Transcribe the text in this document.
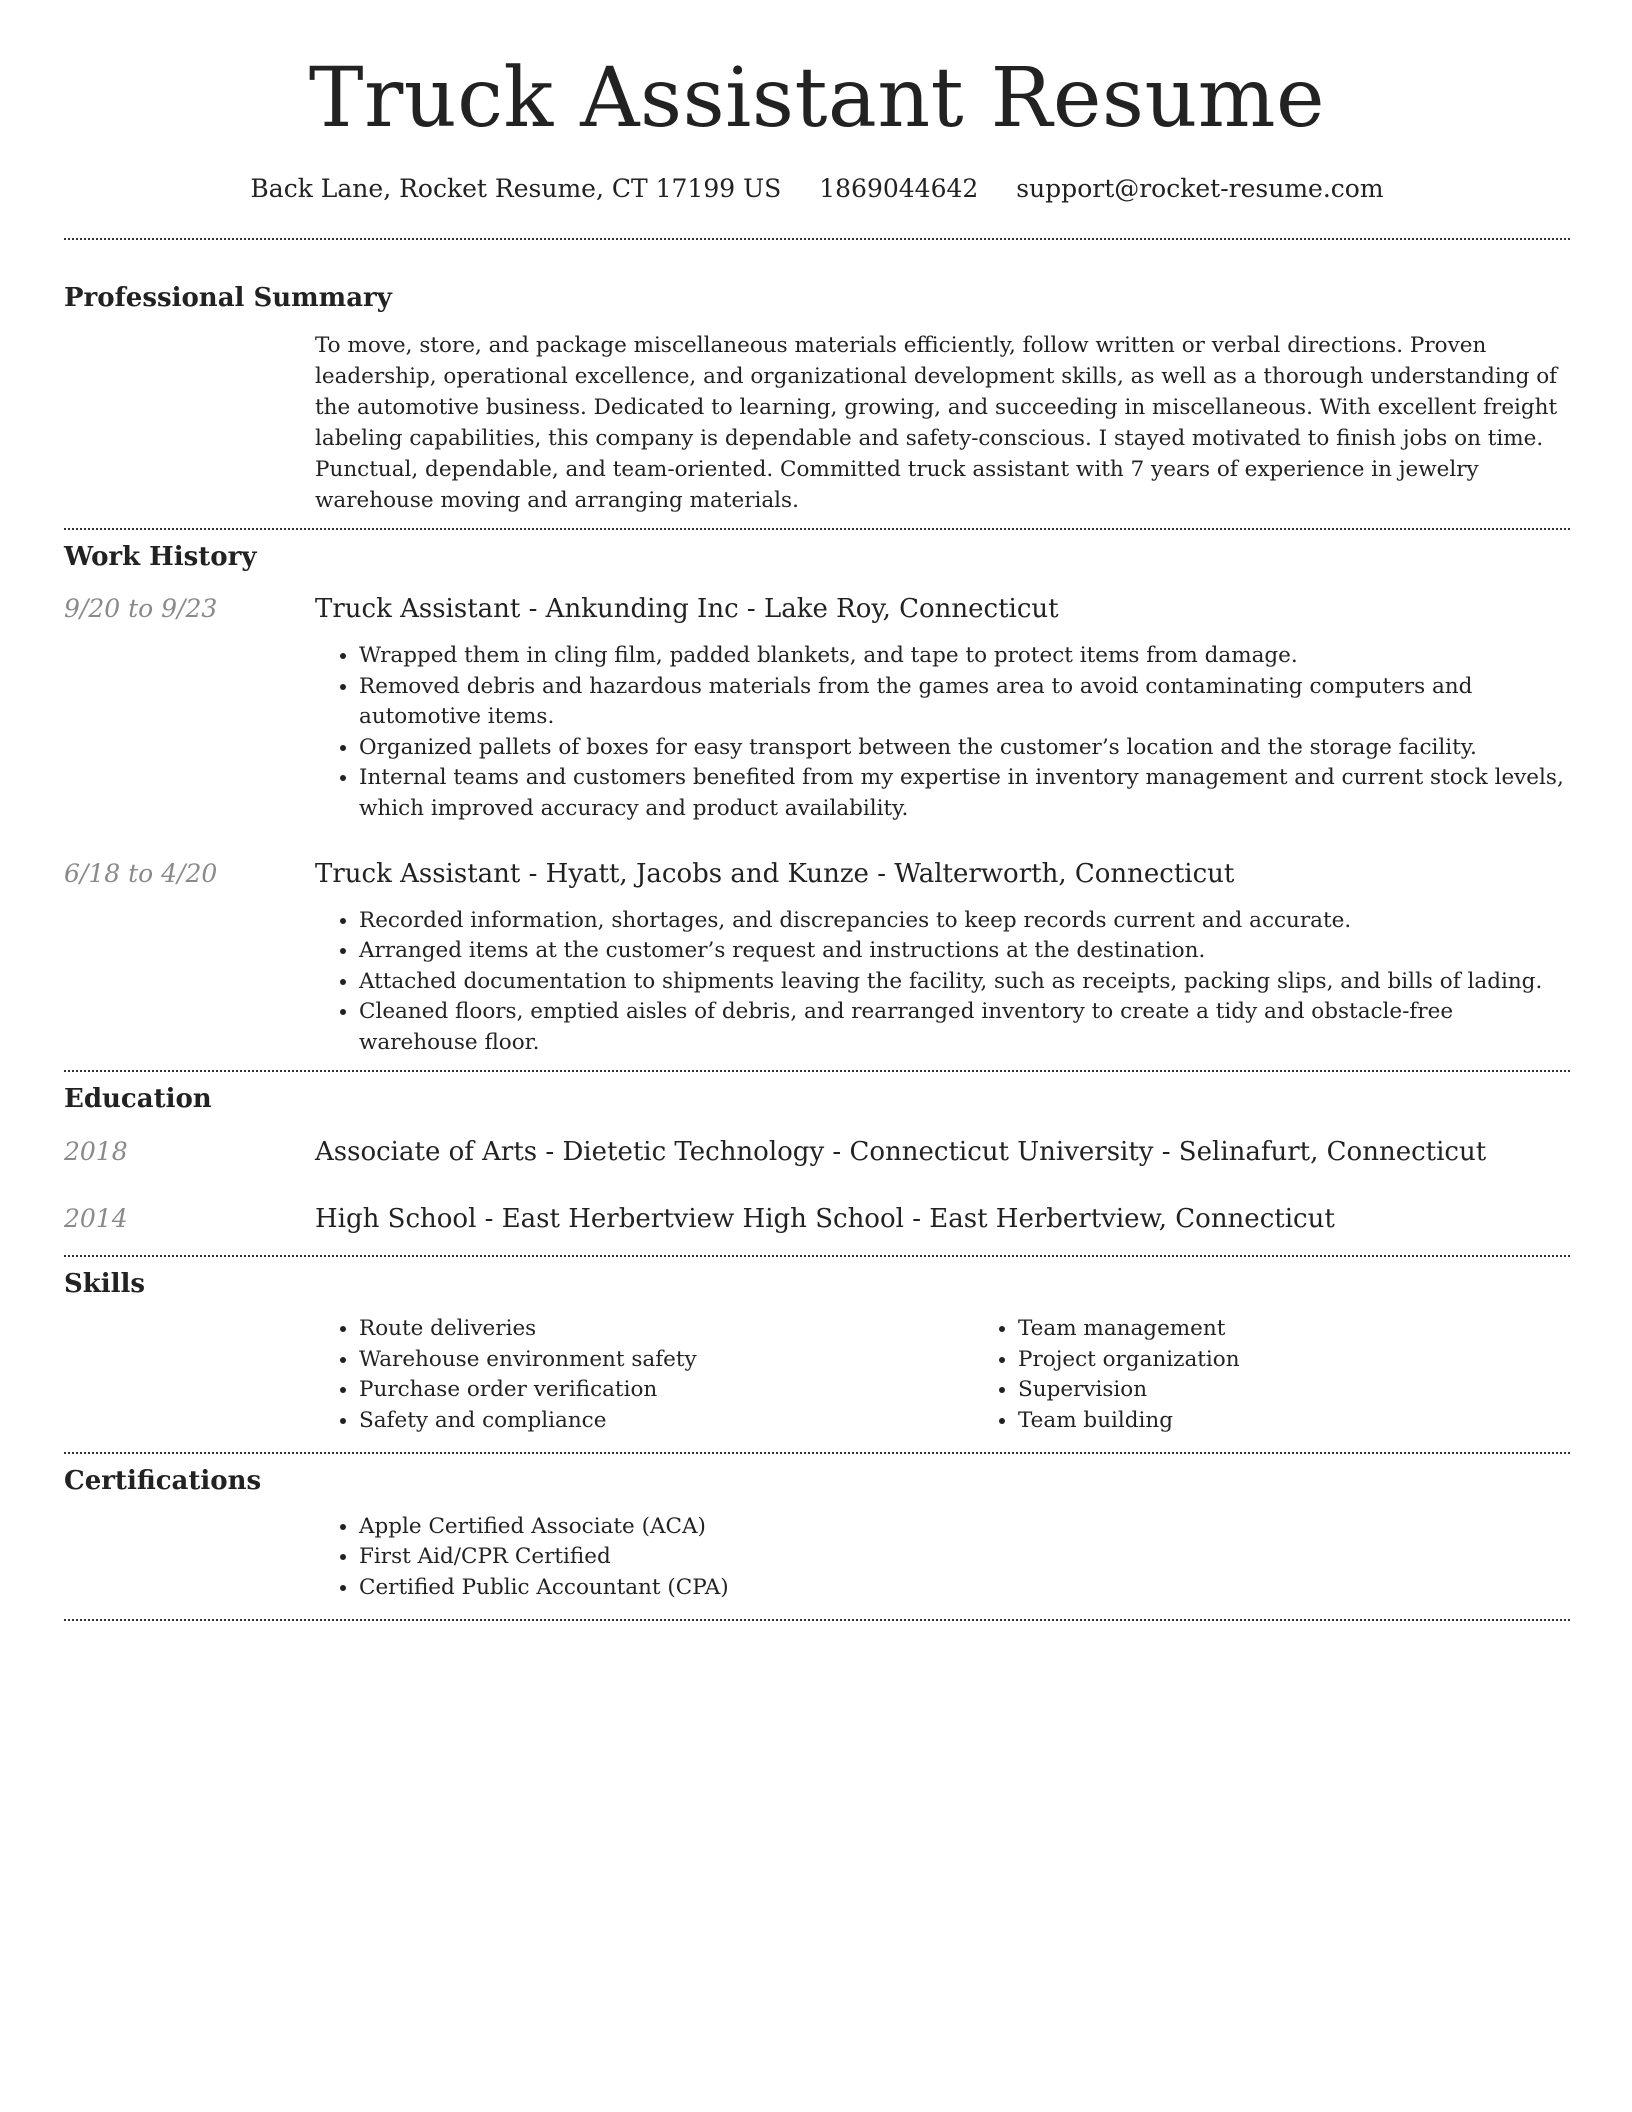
Truck Assistant Resume
Back Lane, Rocket Resume, CT 17199 US 1869044642 support@rocket-resume.com
Professional Summary

To move, store, and package miscellaneous materials efficiently, follow written or verbal directions. Proven leadership, operational excellence, and organizational development skills, as well as a thorough understanding of the automotive business. Dedicated to learning, growing, and succeeding in miscellaneous. With excellent freight labeling capabilities, this company is dependable and safety-conscious. I stayed motivated to finish jobs on time. Punctual, dependable, and team-oriented. Committed truck assistant with 7 years of experience in jewelry warehouse moving and arranging materials.

Work History
9/20 to 9/23	Truck Assistant - Ankunding Inc - Lake Roy, Connecticut

• Wrapped them in cling film, padded blankets, and tape to protect items from damage.
• Removed debris and hazardous materials from the games area to avoid contaminating computers and automotive items.
• Organized pallets of boxes for easy transport between the customer’s location and the storage facility.
• Internal teams and customers benefited from my expertise in inventory management and current stock levels, which improved accuracy and product availability.
6/18 to 4/20	Truck Assistant - Hyatt, Jacobs and Kunze - Walterworth, Connecticut

• Recorded information, shortages, and discrepancies to keep records current and accurate.
• Arranged items at the customer’s request and instructions at the destination.
• Attached documentation to shipments leaving the facility, such as receipts, packing slips, and bills of lading.
• Cleaned floors, emptied aisles of debris, and rearranged inventory to create a tidy and obstacle-free warehouse floor.
Education
2018	Associate of Arts - Dietetic Technology - Connecticut University - Selinafurt, Connecticut

2014	High School - East Herbertview High School - East Herbertview, Connecticut

Skills
• Route deliveries
• Warehouse environment safety
• Purchase order verification
• Safety and compliance
• Team management
• Project organization
• Supervision
• Team building
Certifications
• Apple Certified Associate (ACA)
• First Aid/CPR Certified
• Certified Public Accountant (CPA)
